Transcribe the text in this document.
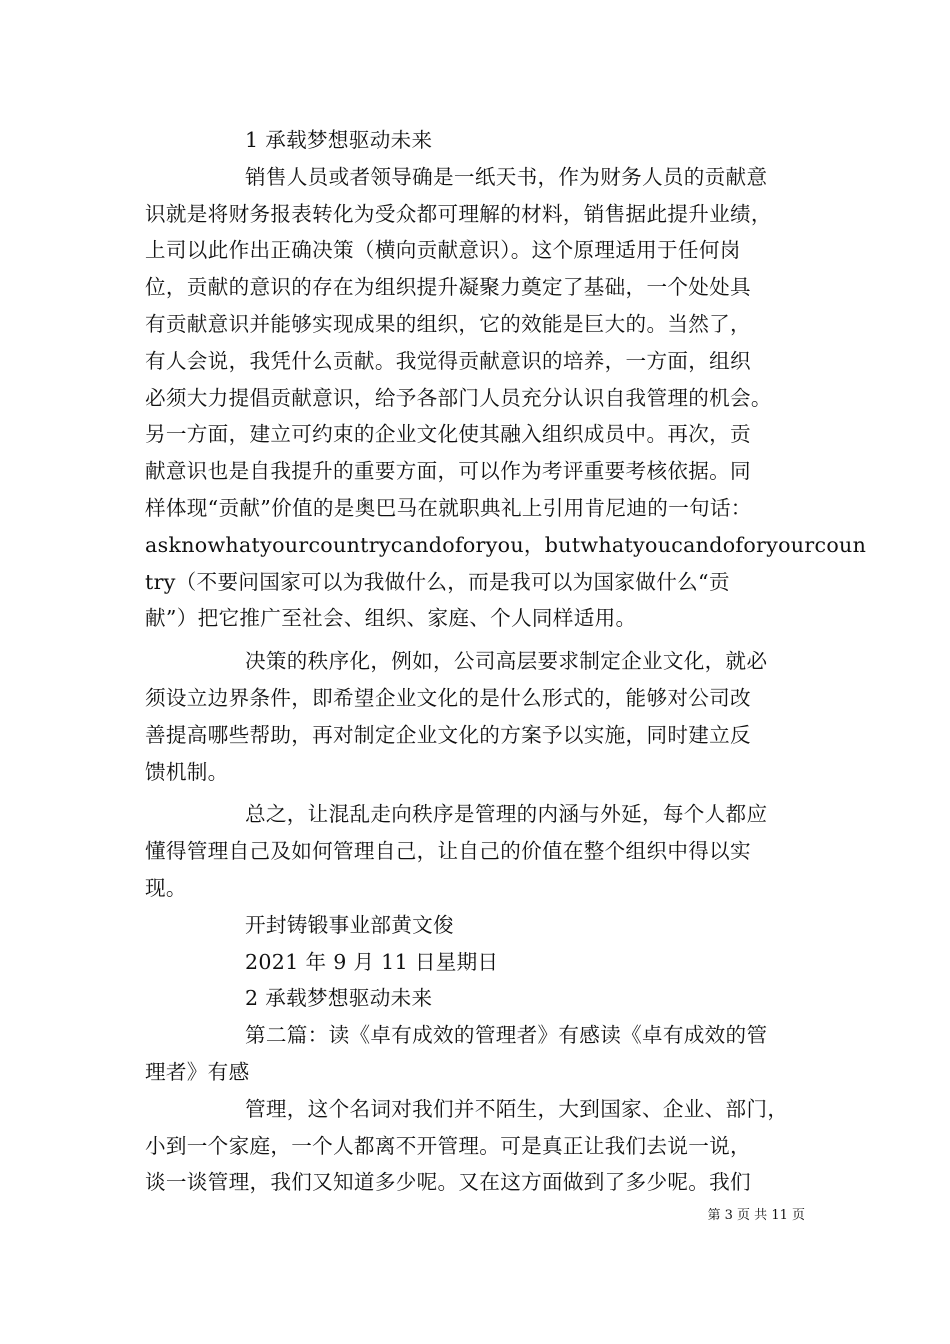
1 承载梦想驱动未来
销售人员或者领导确是一纸天书，作为财务人员的贡献意
识就是将财务报表转化为受众都可理解的材料，销售据此提升业绩，
上司以此作出正确决策（横向贡献意识）。这个原理适用于任何岗
位，贡献的意识的存在为组织提升凝聚力奠定了基础，一个处处具
有贡献意识并能够实现成果的组织，它的效能是巨大的。当然了，
有人会说，我凭什么贡献。我觉得贡献意识的培养，一方面，组织
必须大力提倡贡献意识，给予各部门人员充分认识自我管理的机会。
另一方面，建立可约束的企业文化使其融入组织成员中。再次，贡
献意识也是自我提升的重要方面，可以作为考评重要考核依据。同
样体现“贡献”价值的是奥巴马在就职典礼上引用肯尼迪的一句话：
asknowhatyourcountrycandoforyou，butwhatyoucandoforyourcoun
try（不要问国家可以为我做什么，而是我可以为国家做什么“贡
献”）把它推广至社会、组织、家庭、个人同样适用。
决策的秩序化，例如，公司高层要求制定企业文化，就必
须设立边界条件，即希望企业文化的是什么形式的，能够对公司改
善提高哪些帮助，再对制定企业文化的方案予以实施，同时建立反
馈机制。
总之，让混乱走向秩序是管理的内涵与外延，每个人都应
懂得管理自己及如何管理自己，让自己的价值在整个组织中得以实
现。
开封铸锻事业部黄文俊
2021 年 9 月 11 日星期日
2 承载梦想驱动未来
第二篇：读《卓有成效的管理者》有感读《卓有成效的管
理者》有感
管理，这个名词对我们并不陌生，大到国家、企业、部门，
小到一个家庭，一个人都离不开管理。可是真正让我们去说一说，
谈一谈管理，我们又知道多少呢。又在这方面做到了多少呢。我们
第 3 页 共 11 页
